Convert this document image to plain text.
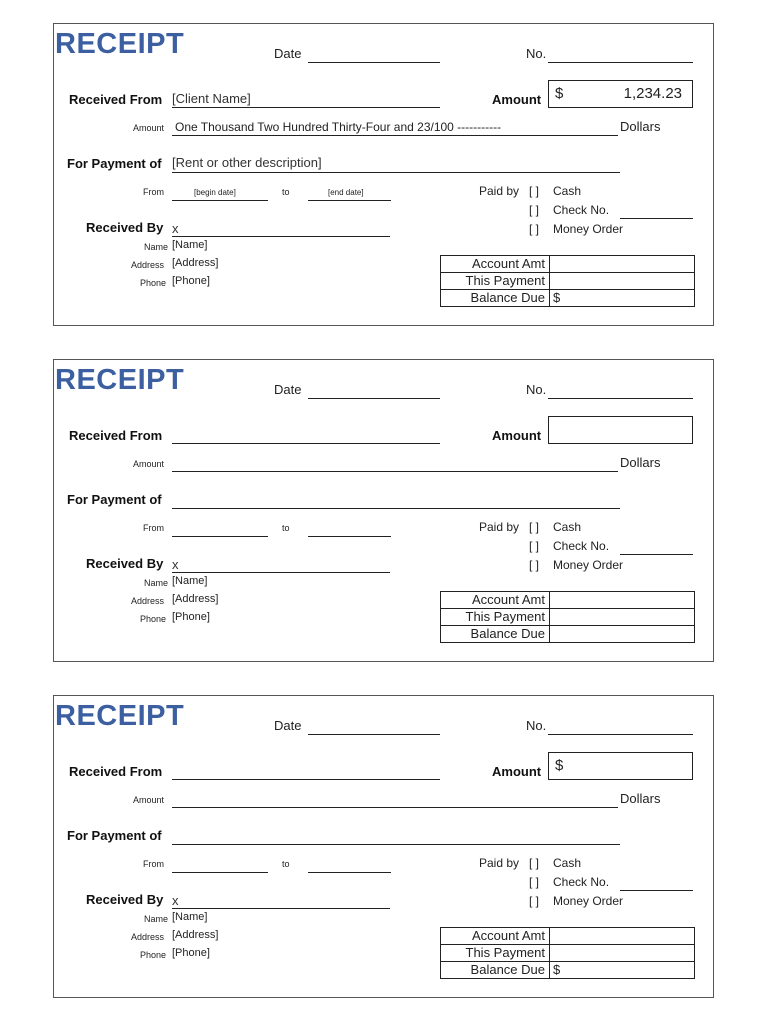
RECEIPT	Date	No.
Received From [Client Name]	Amount $	1,234.23
Amount One Thousand Two Hundred Thirty-Four and 23/100 -----------	Dollars
For Payment of [Rent or other description]
From	[begin date]	to	[end date]	Paid by [ ] Cash
[ ] Check No.
[ ] Money Order
Received By x
Name [Name]
Address [Address]
Phone [Phone]
Account Amt	
This Payment	
Balance Due	$
RECEIPT	Date	No.
Received From	Amount
Amount	Dollars
For Payment of
From	to	Paid by [ ] Cash
[ ] Check No.
[ ] Money Order
Received By x
Name [Name]
Address [Address]
Phone [Phone]
Account Amt	
This Payment	
Balance Due	
RECEIPT	Date	No.
Received From	Amount $
Amount	Dollars
For Payment of
From	to	Paid by [ ] Cash
[ ] Check No.
[ ] Money Order
Received By x
Name [Name]
Address [Address]
Phone [Phone]
Account Amt	
This Payment	
Balance Due	$
